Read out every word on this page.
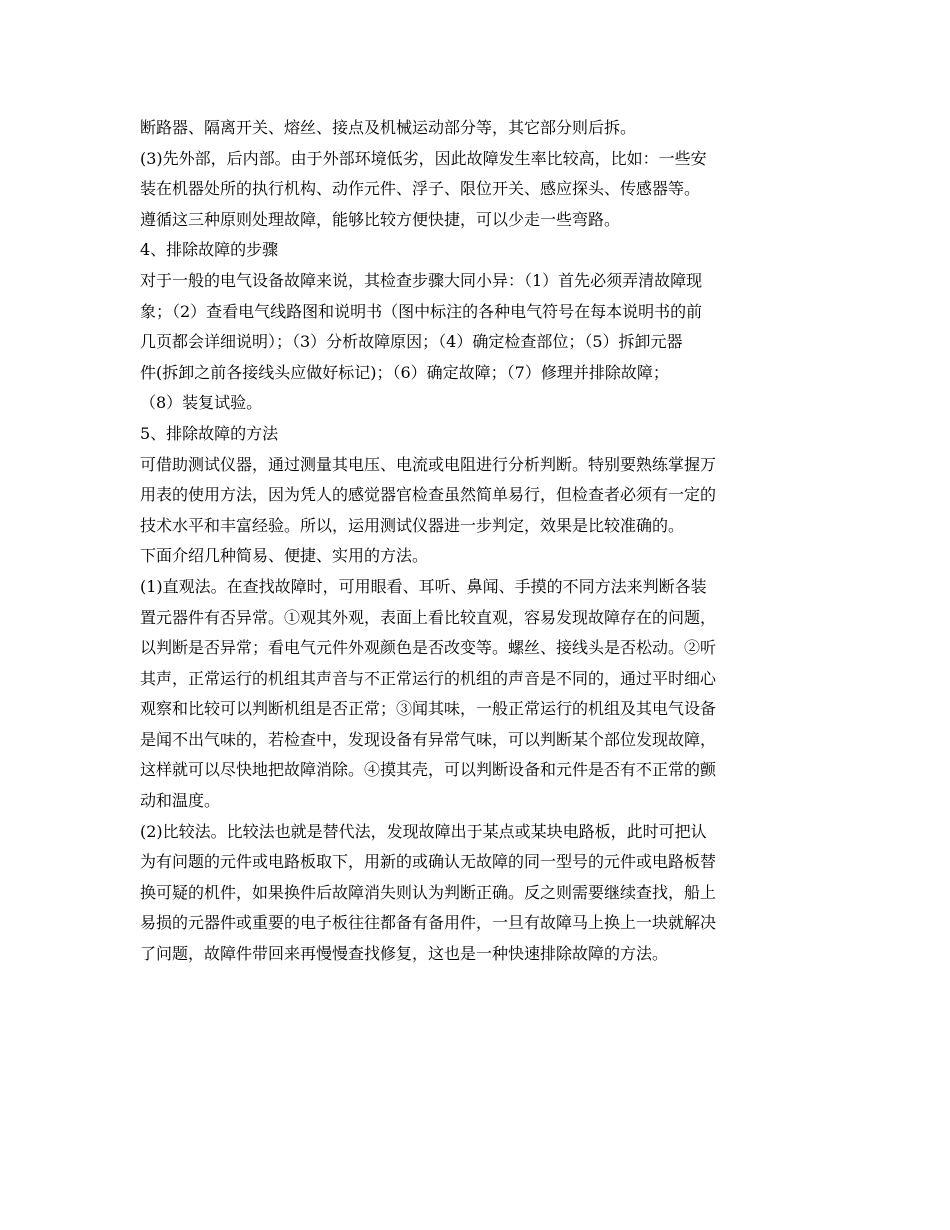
断路器、隔离开关、熔丝、接点及机械运动部分等，其它部分则后拆。
(3)先外部，后内部。由于外部环境低劣，因此故障发生率比较高，比如：一些安
装在机器处所的执行机构、动作元件、浮子、限位开关、感应探头、传感器等。
遵循这三种原则处理故障，能够比较方便快捷，可以少走一些弯路。
4、排除故障的步骤
对于一般的电气设备故障来说，其检查步骤大同小异：（1）首先必须弄清故障现
象；（2）查看电气线路图和说明书（图中标注的各种电气符号在每本说明书的前
几页都会详细说明）；（3）分析故障原因；（4）确定检查部位；（5）拆卸元器
件(拆卸之前各接线头应做好标记)；（6）确定故障；（7）修理并排除故障；
（8）装复试验。
5、排除故障的方法
可借助测试仪器，通过测量其电压、电流或电阻进行分析判断。特别要熟练掌握万
用表的使用方法，因为凭人的感觉器官检查虽然简单易行，但检查者必须有一定的
技术水平和丰富经验。所以，运用测试仪器进一步判定，效果是比较准确的。
下面介绍几种简易、便捷、实用的方法。
(1)直观法。在查找故障时，可用眼看、耳听、鼻闻、手摸的不同方法来判断各装
置元器件有否异常。①观其外观，表面上看比较直观，容易发现故障存在的问题，
以判断是否异常；看电气元件外观颜色是否改变等。螺丝、接线头是否松动。②听
其声，正常运行的机组其声音与不正常运行的机组的声音是不同的，通过平时细心
观察和比较可以判断机组是否正常；③闻其味，一般正常运行的机组及其电气设备
是闻不出气味的，若检查中，发现设备有异常气味，可以判断某个部位发现故障，
这样就可以尽快地把故障消除。④摸其壳，可以判断设备和元件是否有不正常的颤
动和温度。
(2)比较法。比较法也就是替代法，发现故障出于某点或某块电路板，此时可把认
为有问题的元件或电路板取下，用新的或确认无故障的同一型号的元件或电路板替
换可疑的机件，如果换件后故障消失则认为判断正确。反之则需要继续查找，船上
易损的元器件或重要的电子板往往都备有备用件，一旦有故障马上换上一块就解决
了问题，故障件带回来再慢慢查找修复，这也是一种快速排除故障的方法。
